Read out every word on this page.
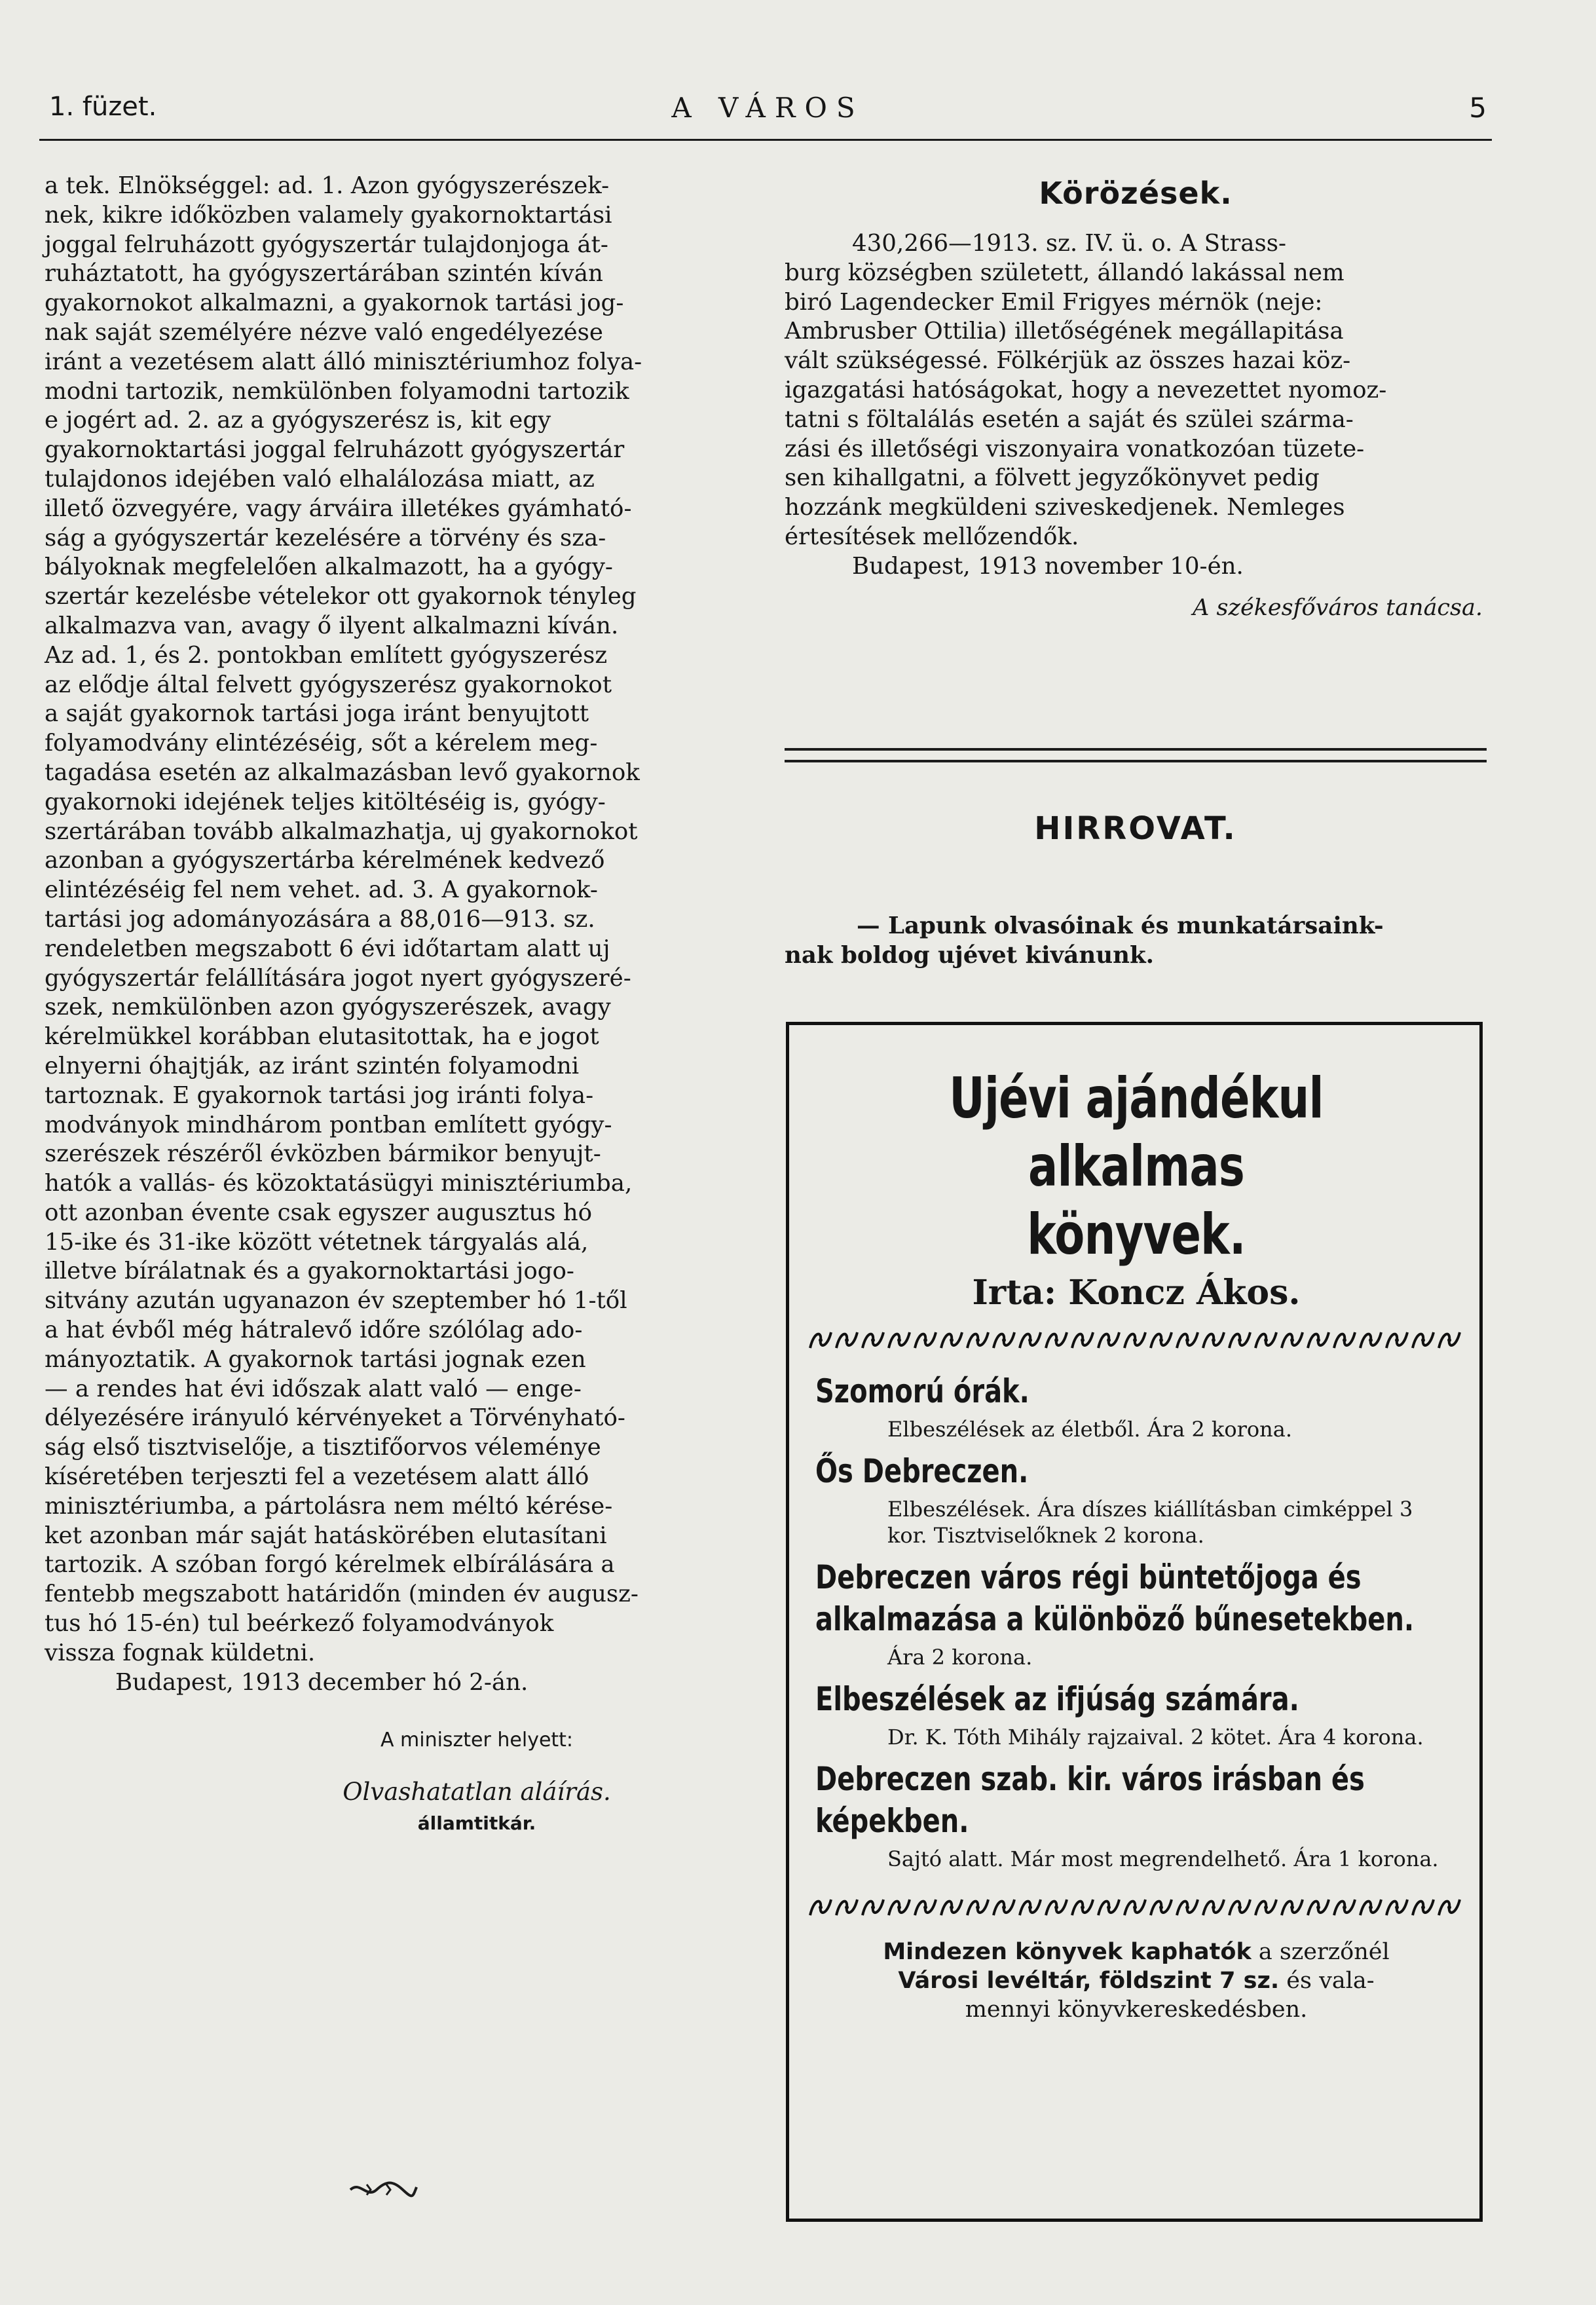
1. füzet.	A VÁROS	5
a tek. Elnökséggel: ad. 1. Azon gyógyszerészek-
nek, kikre időközben valamely gyakornoktartási
joggal felruházott gyógyszertár tulajdonjoga át-
ruháztatott, ha gyógyszertárában szintén kíván
gyakornokot alkalmazni, a gyakornok tartási jog-
nak saját személyére nézve való engedélyezése
iránt a vezetésem alatt álló minisztériumhoz folya-
modni tartozik, nemkülönben folyamodni tartozik
e jogért ad. 2. az a gyógyszerész is, kit egy
gyakornoktartási joggal felruházott gyógyszertár
tulajdonos idejében való elhalálozása miatt, az
illető özvegyére, vagy árváira illetékes gyámható-
ság a gyógyszertár kezelésére a törvény és sza-
bályoknak megfelelően alkalmazott, ha a gyógy-
szertár kezelésbe vételekor ott gyakornok tényleg
alkalmazva van, avagy ő ilyent alkalmazni kíván.
Az ad. 1, és 2. pontokban említett gyógyszerész
az elődje által felvett gyógyszerész gyakornokot
a saját gyakornok tartási joga iránt benyujtott
folyamodvány elintézéséig, sőt a kérelem meg-
tagadása esetén az alkalmazásban levő gyakornok
gyakornoki idejének teljes kitöltéséig is, gyógy-
szertárában tovább alkalmazhatja, uj gyakornokot
azonban a gyógyszertárba kérelmének kedvező
elintézéséig fel nem vehet. ad. 3. A gyakornok-
tartási jog adományozására a 88,016—913. sz.
rendeletben megszabott 6 évi időtartam alatt uj
gyógyszertár felállítására jogot nyert gyógyszeré-
szek, nemkülönben azon gyógyszerészek, avagy
kérelmükkel korábban elutasitottak, ha e jogot
elnyerni óhajtják, az iránt szintén folyamodni
tartoznak. E gyakornok tartási jog iránti folya-
modványok mindhárom pontban említett gyógy-
szerészek részéről évközben bármikor benyujt-
hatók a vallás- és közoktatásügyi minisztériumba,
ott azonban évente csak egyszer augusztus hó
15-ike és 31-ike között vétetnek tárgyalás alá,
illetve bírálatnak és a gyakornoktartási jogo-
sitvány azután ugyanazon év szeptember hó 1-től
a hat évből még hátralevő időre szólólag ado-
mányoztatik. A gyakornok tartási jognak ezen
— a rendes hat évi időszak alatt való — enge-
délyezésére irányuló kérvényeket a Törvényható-
ság első tisztviselője, a tisztifőorvos véleménye
kíséretében terjeszti fel a vezetésem alatt álló
minisztériumba, a pártolásra nem méltó kérése-
ket azonban már saját hatáskörében elutasítani
tartozik. A szóban forgó kérelmek elbírálására a
fentebb megszabott határidőn (minden év augusz-
tus hó 15-én) tul beérkező folyamodványok
vissza fognak küldetni.

Budapest, 1913 december hó 2-án.

A miniszter helyett:
Olvashatatlan aláírás.
államtitkár.
Körözések.
430,266—1913. sz. IV. ü. o. A Strass-
burg községben született, állandó lakással nem
biró Lagendecker Emil Frigyes mérnök (neje:
Ambrusber Ottilia) illetőségének megállapitása
vált szükségessé. Fölkérjük az összes hazai köz-
igazgatási hatóságokat, hogy a nevezettet nyomoz-
tatni s föltalálás esetén a saját és szülei szárma-
zási és illetőségi viszonyaira vonatkozóan tüzete-
sen kihallgatni, a fölvett jegyzőkönyvet pedig
hozzánk megküldeni sziveskedjenek. Nemleges
értesítések mellőzendők.

Budapest, 1913 november 10-én.

A székesfőváros tanácsa.
HIRROVAT.
— Lapunk olvasóinak és munkatársaink-
nak boldog ujévet kivánunk.
Ujévi ajándékul alkalmas
könyvek.
Irta: Koncz Ákos.
Szomorú órák.
Elbeszélések az életből. Ára 2 korona.
Ős Debreczen.
Elbeszélések. Ára díszes kiállításban cimképpel 3 kor. Tisztviselőknek 2 korona.
Debreczen város régi büntetőjoga és alkalmazása a különböző bűnesetekben.
Ára 2 korona.
Elbeszélések az ifjúság számára.
Dr. K. Tóth Mihály rajzaival. 2 kötet. Ára 4 korona.
Debreczen szab. kir. város irásban és képekben.
Sajtó alatt. Már most megrendelhető. Ára 1 korona.
Mindezen könyvek kaphatók a szerzőnél
Városi levéltár, földszint 7 sz. és vala-
mennyi könyvkereskedésben.
